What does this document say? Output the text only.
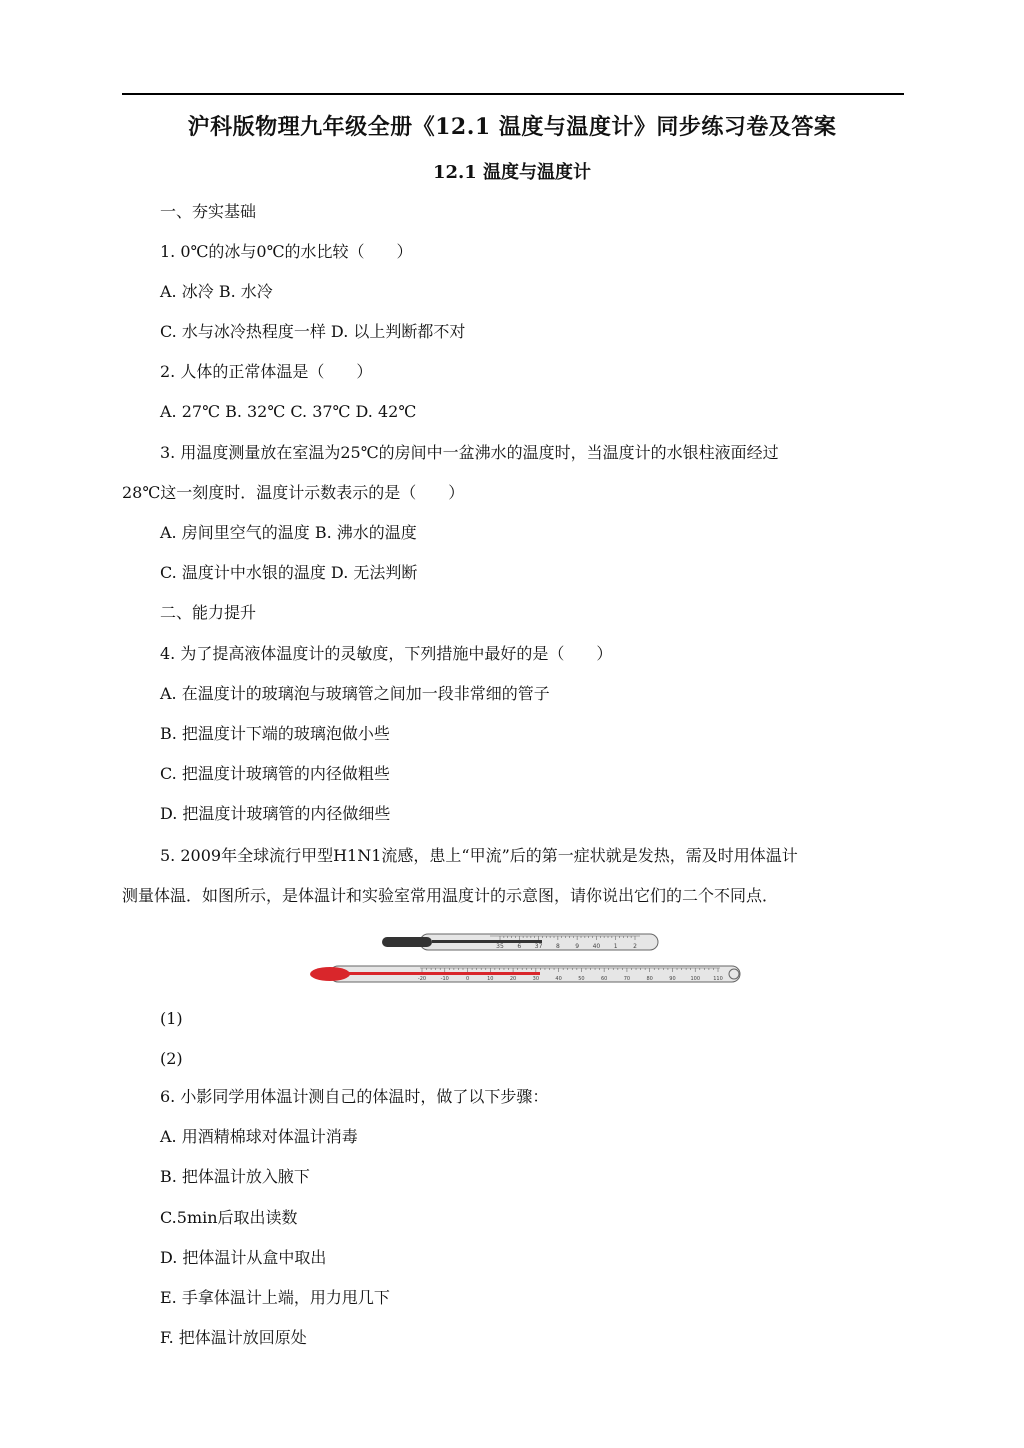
沪科版物理九年级全册《12.1 温度与温度计》同步练习卷及答案
12.1 温度与温度计
一、夯实基础
1. 0℃的冰与0℃的水比较（　　）
A. 冰冷 B. 水冷
C. 水与冰冷热程度一样 D. 以上判断都不对
2. 人体的正常体温是（　　）
A. 27℃ B. 32℃ C. 37℃ D. 42℃
3. 用温度测量放在室温为25℃的房间中一盆沸水的温度时，当温度计的水银柱液面经过
28℃这一刻度时．温度计示数表示的是（　　）
A. 房间里空气的温度 B. 沸水的温度
C. 温度计中水银的温度 D. 无法判断
二、能力提升
4. 为了提高液体温度计的灵敏度，下列措施中最好的是（　　）
A. 在温度计的玻璃泡与玻璃管之间加一段非常细的管子
B. 把温度计下端的玻璃泡做小些
C. 把温度计玻璃管的内径做粗些
D. 把温度计玻璃管的内径做细些
5. 2009年全球流行甲型H1N1流感，患上“甲流”后的第一症状就是发热，需及时用体温计
测量体温．如图所示，是体温计和实验室常用温度计的示意图，请你说出它们的二个不同点．
35 6 37 8	9 40 1	2
-20	-10	0	10	20	30	40	50	60	70	80	90	100	110
(1)
(2)
6. 小影同学用体温计测自己的体温时，做了以下步骤：
A. 用酒精棉球对体温计消毒
B. 把体温计放入腋下
C.5min后取出读数
D. 把体温计从盒中取出
E. 手拿体温计上端，用力甩几下
F. 把体温计放回原处
